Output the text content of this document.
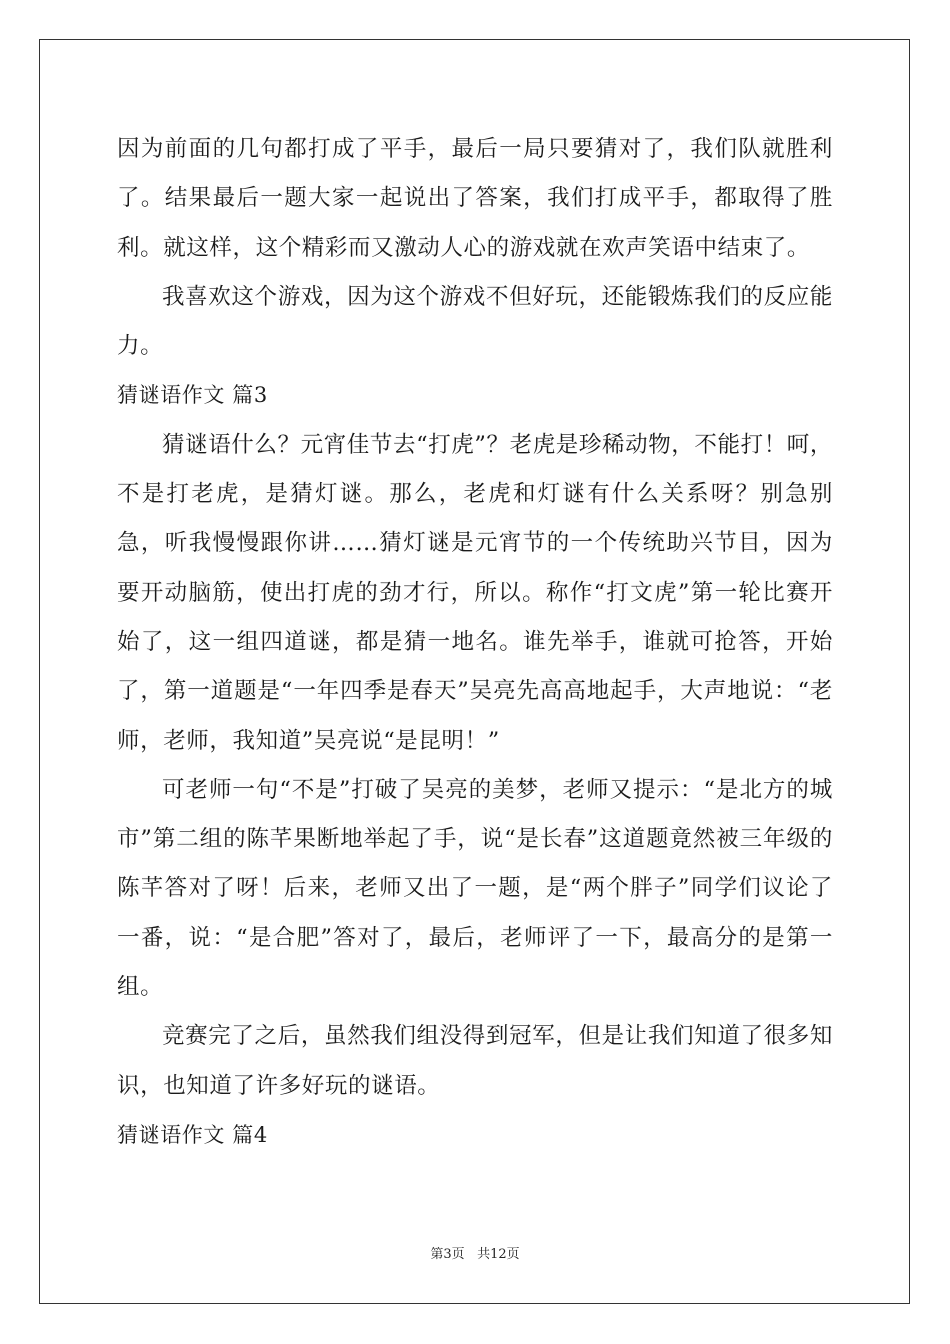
因为前面的几句都打成了平手，最后一局只要猜对了，我们队就胜利了。结果最后一题大家一起说出了答案，我们打成平手，都取得了胜利。就这样，这个精彩而又激动人心的游戏就在欢声笑语中结束了。

我喜欢这个游戏，因为这个游戏不但好玩，还能锻炼我们的反应能力。

猜谜语作文 篇3

猜谜语什么？元宵佳节去“打虎”？老虎是珍稀动物，不能打！呵，不是打老虎，是猜灯谜。那么，老虎和灯谜有什么关系呀？别急别急，听我慢慢跟你讲……猜灯谜是元宵节的一个传统助兴节目，因为要开动脑筋，使出打虎的劲才行，所以。称作“打文虎”第一轮比赛开始了，这一组四道谜，都是猜一地名。谁先举手，谁就可抢答，开始了，第一道题是“一年四季是春天”吴亮先高高地起手，大声地说：“老师，老师，我知道”吴亮说“是昆明！”

可老师一句“不是”打破了吴亮的美梦，老师又提示：“是北方的城市”第二组的陈芊果断地举起了手，说“是长春”这道题竟然被三年级的陈芊答对了呀！后来，老师又出了一题，是“两个胖子”同学们议论了一番，说：“是合肥”答对了，最后，老师评了一下，最高分的是第一组。

竞赛完了之后，虽然我们组没得到冠军，但是让我们知道了很多知识，也知道了许多好玩的谜语。

猜谜语作文 篇4

第3页 共12页
